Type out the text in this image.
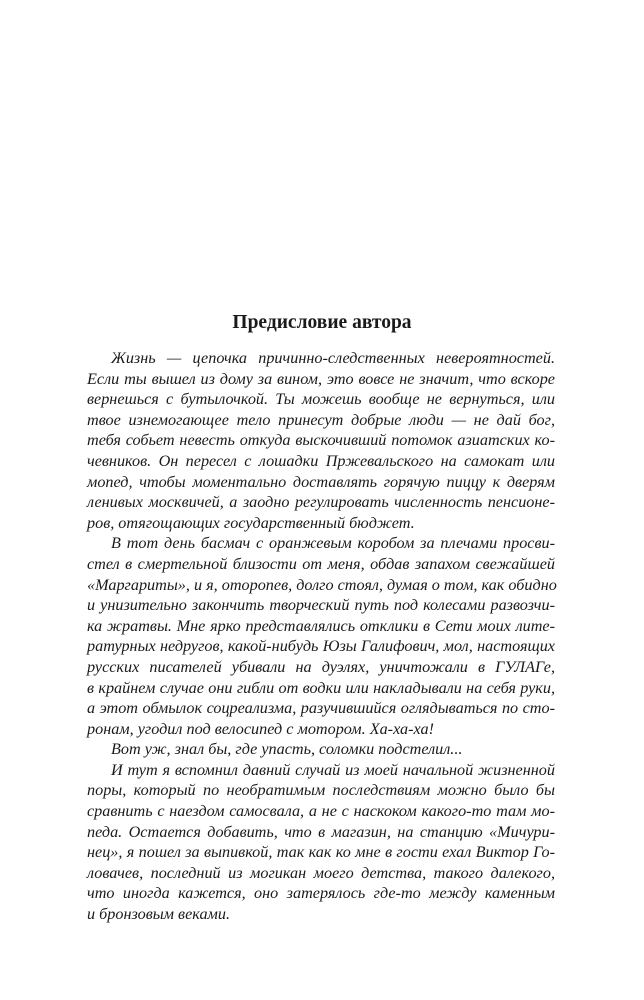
Предисловие автора
Жизнь — цепочка причинно-следственных невероятностей.
Если ты вышел из дому за вином, это вовсе не значит, что вскоре
вернешься с бутылочкой. Ты можешь вообще не вернуться, или
твое изнемогающее тело принесут добрые люди — не дай бог,
тебя собьет невесть откуда выскочивший потомок азиатских ко-
чевников. Он пересел с лошадки Пржевальского на самокат или
мопед, чтобы моментально доставлять горячую пиццу к дверям
ленивых москвичей, а заодно регулировать численность пенсионе-
ров, отягощающих государственный бюджет.
В тот день басмач с оранжевым коробом за плечами просви-
стел в смертельной близости от меня, обдав запахом свежайшей
«Маргариты», и я, оторопев, долго стоял, думая о том, как обидно
и унизительно закончить творческий путь под колесами развозчи-
ка жратвы. Мне ярко представлялись отклики в Сети моих лите-
ратурных недругов, какой-нибудь Юзы Галифович, мол, настоящих
русских писателей убивали на дуэлях, уничтожали в ГУЛАГе,
в крайнем случае они гибли от водки или накладывали на себя руки,
а этот обмылок соцреализма, разучившийся оглядываться по сто-
ронам, угодил под велосипед с мотором. Ха-ха-ха!
Вот уж, знал бы, где упасть, соломки подстелил...
И тут я вспомнил давний случай из моей начальной жизненной
поры, который по необратимым последствиям можно было бы
сравнить с наездом самосвала, а не с наскоком какого-то там мо-
педа. Остается добавить, что в магазин, на станцию «Мичури-
нец», я пошел за выпивкой, так как ко мне в гости ехал Виктор Го-
ловачев, последний из могикан моего детства, такого далекого,
что иногда кажется, оно затерялось где-то между каменным
и бронзовым веками.
